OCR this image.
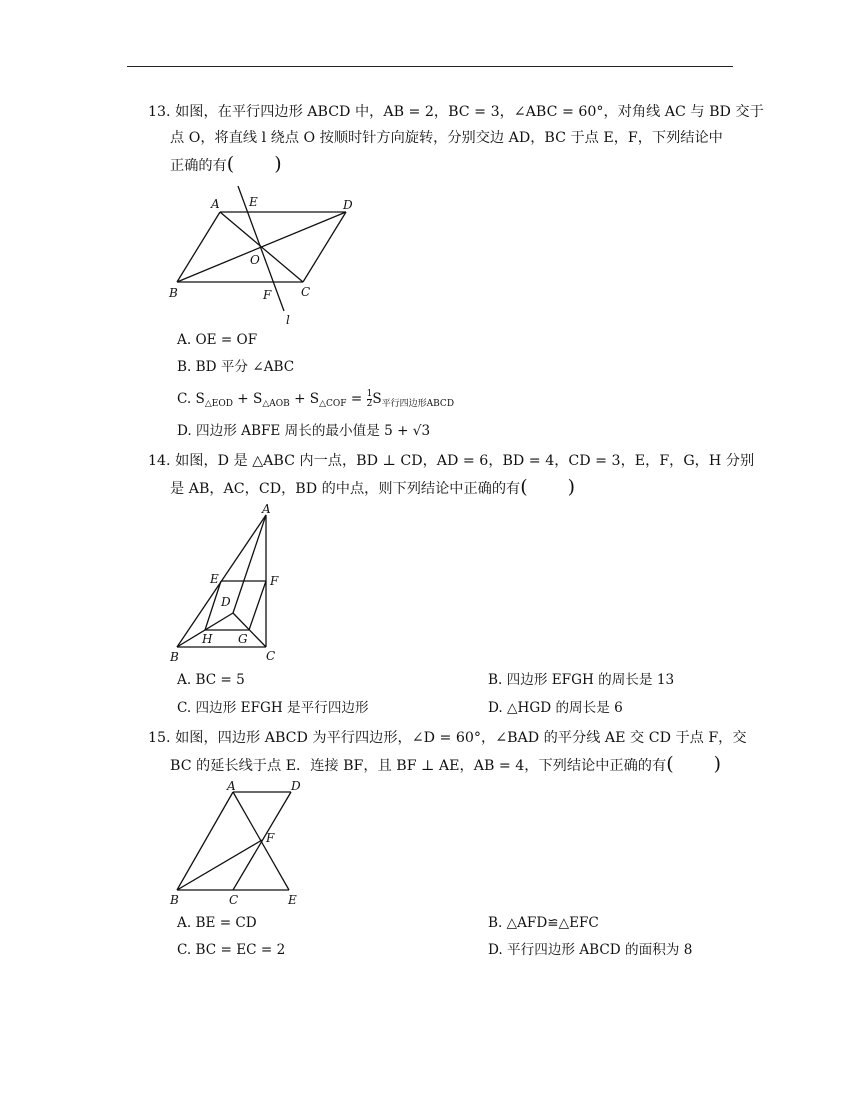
13. 如图，在平行四边形 ABCD 中，AB = 2，BC = 3，∠ABC = 60°，对角线 AC 与 BD 交于
点 O，将直线 l 绕点 O 按顺时针方向旋转，分别交边 AD，BC 于点 E，F，下列结论中
正确的有( )
A E	D
O
B	F C
l
A. OE = OF
B. BD 平分 ∠ABC
C. $S_{\triangle EOD} + S_{\triangle AOB} + S_{\triangle COF} = \frac{1}{2} S_{平行四边形ABCD}$
D. 四边形 ABFE 周长的最小值是 5 + √3
14. 如图，D 是 △ABC 内一点，BD ⊥ CD，AD = 6，BD = 4，CD = 3，E，F，G，H 分别
是 AB，AC，CD，BD 的中点，则下列结论中正确的有( )
A
E	F
D
H G
B	C
A. BC = 5	B. 四边形 EFGH 的周长是 13
C. 四边形 EFGH 是平行四边形	D. △HGD 的周长是 6
15. 如图，四边形 ABCD 为平行四边形，∠D = 60°，∠BAD 的平分线 AE 交 CD 于点 F，交
BC 的延长线于点 E．连接 BF，且 BF ⊥ AE，AB = 4，下列结论中正确的有( )
A	D
F
B	C	E
A. BE = CD	B. △AFD≌△EFC
C. BC = EC = 2	D. 平行四边形 ABCD 的面积为 8
